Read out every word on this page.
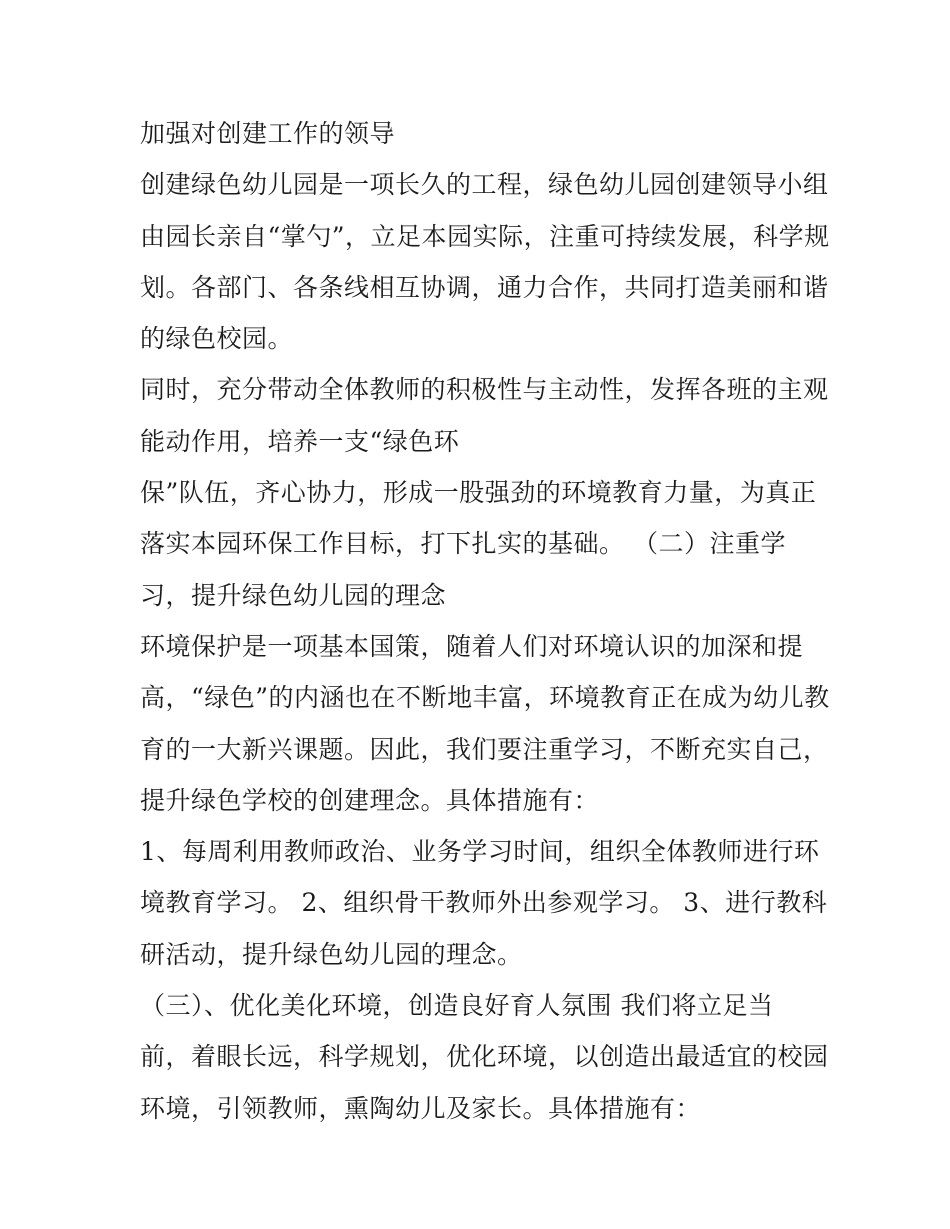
加强对创建工作的领导
创建绿色幼儿园是一项长久的工程，绿色幼儿园创建领导小组
由园长亲自“掌勺”，立足本园实际，注重可持续发展，科学规
划。各部门、各条线相互协调，通力合作，共同打造美丽和谐
的绿色校园。
同时，充分带动全体教师的积极性与主动性，发挥各班的主观
能动作用，培养一支“绿色环
保”队伍，齐心协力，形成一股强劲的环境教育力量，为真正
落实本园环保工作目标，打下扎实的基础。 （二）注重学
习，提升绿色幼儿园的理念
环境保护是一项基本国策，随着人们对环境认识的加深和提
高，“绿色”的内涵也在不断地丰富，环境教育正在成为幼儿教
育的一大新兴课题。因此，我们要注重学习，不断充实自己，
提升绿色学校的创建理念。具体措施有：
1、每周利用教师政治、业务学习时间，组织全体教师进行环
境教育学习。 2、组织骨干教师外出参观学习。 3、进行教科
研活动，提升绿色幼儿园的理念。
（三）、优化美化环境，创造良好育人氛围 我们将立足当
前，着眼长远，科学规划，优化环境，以创造出最适宜的校园
环境，引领教师，熏陶幼儿及家长。具体措施有：
